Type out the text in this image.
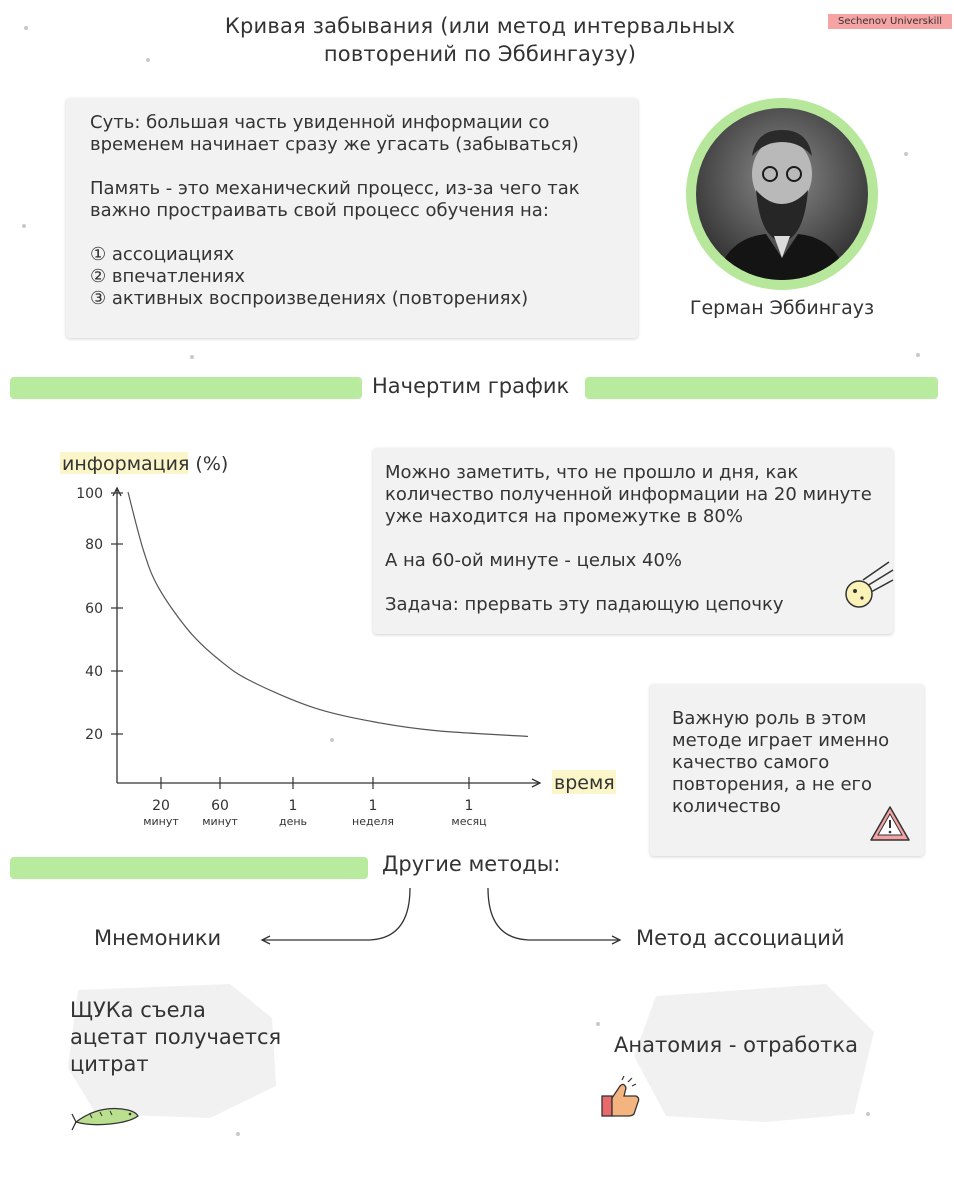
Кривая забывания (или метод интервальных
повторений по Эббингаузу)
Sechenov Universkill

Суть: большая часть увиденной информации со временем начинает сразу же угасать (забываться)

Память - это механический процесс, из-за чего так важно простраивать свой процесс обучения на:

① ассоциациях

② впечатлениях

③ активных воспроизведениях (повторениях)	Герман Эббингауз
Начертим график
информация (%)
время
20
40
60
80
100
20
минут
60
минут
1
день
1
неделя
1
месяц
Можно заметить, что не прошло и дня, как количество полученной информации на 20 минуте уже находится на промежутке в 80%
А на 60-ой минуте - целых 40%
Задача: прервать эту падающую цепочку
Важную роль в этом методе играет именно качество самого повторения, а не его количество
Другие методы:
Мнемоники	Метод ассоциаций
ЩУКа съела
ацетат получается
цитрат
Анатомия - отработка
